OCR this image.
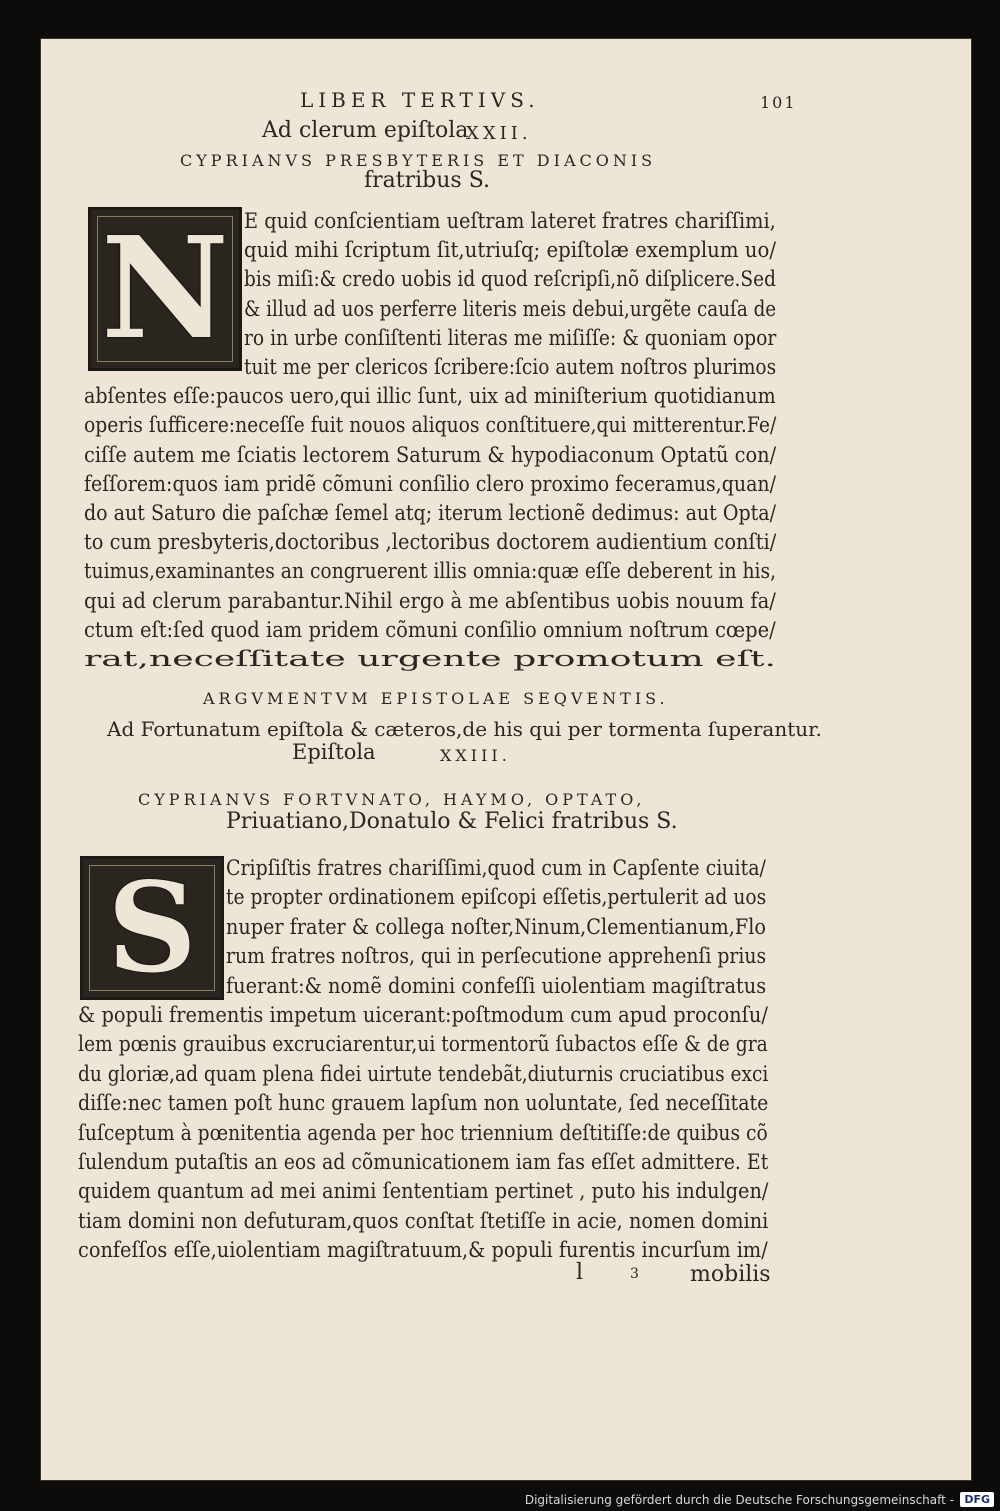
LIBER TERTIVS.	101
Ad clerum epiſtola
XXII.
CYPRIANVS PRESBYTERIS ET DIACONIS
fratribus S.
N E quid conſcientiam ueſtram lateret fratres chariſſimi,
quid mihi ſcriptum ſit,utriuſq; epiſtolæ exemplum uo/
bis miſi:& credo uobis id quod reſcripſi,nõ diſplicere.Sed
& illud ad uos perferre literis meis debui,urgẽte cauſa de
ro in urbe conſiſtenti literas me miſiſſe: & quoniam opor
tuit me per clericos ſcribere:ſcio autem noſtros plurimos
abſentes eſſe:paucos uero,qui illic ſunt, uix ad miniſterium quotidianum
operis ſufficere:neceſſe fuit nouos aliquos conſtituere,qui mitterentur.Fe/
ciſſe autem me ſciatis lectorem Saturum & hypodiaconum Optatũ con/
feſſorem:quos iam pridẽ cõmuni conſilio clero proximo feceramus,quan/
do aut Saturo die paſchæ ſemel atq; iterum lectionẽ dedimus: aut Opta/
to cum presbyteris,doctoribus ,lectoribus doctorem audientium conſti/
tuimus,examinantes an congruerent illis omnia:quæ eſſe deberent in his,
qui ad clerum parabantur.Nihil ergo à me abſentibus uobis nouum fa/
ctum eſt:ſed quod iam pridem cõmuni conſilio omnium noſtrum cœpe/
rat,neceſſitate urgente promotum eſt.
ARGVMENTVM EPISTOLAE SEQVENTIS.
Ad Fortunatum epiſtola & cæteros,de his qui per tormenta ſuperantur.
Epiſtola	XXIII.
CYPRIANVS FORTVNATO, HAYMO, OPTATO,
Priuatiano,Donatulo & Felici fratribus S.
S Cripſiſtis fratres chariſſimi,quod cum in Capſente ciuita/
te propter ordinationem epiſcopi eſſetis,pertulerit ad uos
nuper frater & collega noſter,Ninum,Clementianum,Flo
rum fratres noſtros, qui in perſecutione apprehenſi prius
fuerant:& nomẽ domini confeſſi uiolentiam magiſtratus
& populi frementis impetum uicerant:poſtmodum cum apud proconſu/
lem pœnis grauibus excruciarentur,ui tormentorũ ſubactos eſſe & de gra
du gloriæ,ad quam plena fidei uirtute tendebãt,diuturnis cruciatibus exci
diſſe:nec tamen poſt hunc grauem lapſum non uoluntate, ſed neceſſitate
ſuſceptum à pœnitentia agenda per hoc triennium deſtitiſſe:de quibus cõ
ſulendum putaſtis an eos ad cõmunicationem iam fas eſſet admittere. Et
quidem quantum ad mei animi ſententiam pertinet , puto his indulgen/
tiam domini non defuturam,quos conſtat ſtetiſſe in acie, nomen domini
confeſſos eſſe,uiolentiam magiſtratuum,& populi furentis incurſum im/
l	3 mobilis
Digitalisierung gefördert durch die Deutsche Forschungsgemeinschaft - DFG
